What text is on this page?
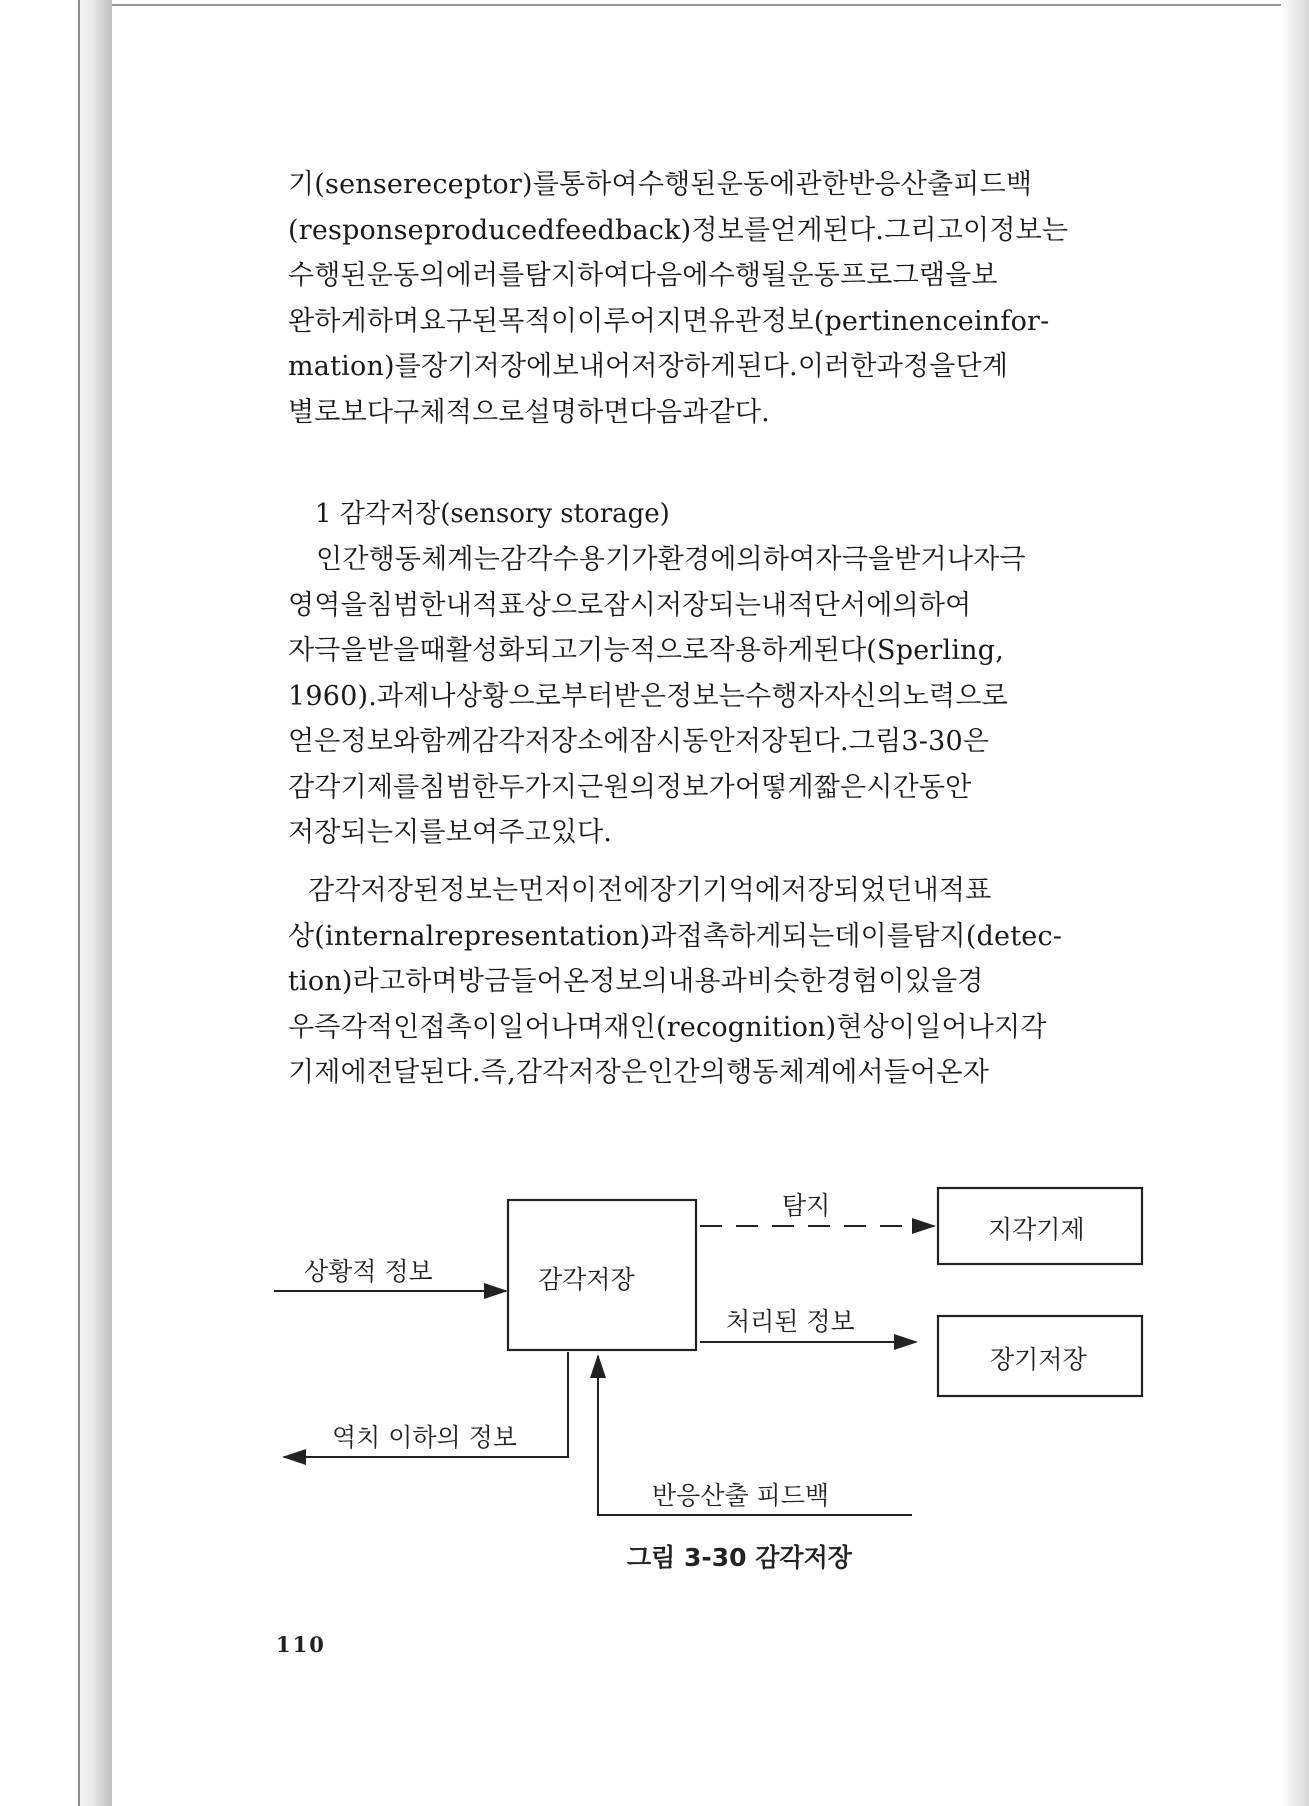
기(sensereceptor)를통하여수행된운동에관한반응산출피드백
(responseproducedfeedback)정보를얻게된다.그리고이정보는
수행된운동의에러를탐지하여다음에수행될운동프로그램을보
완하게하며요구된목적이이루어지면유관정보(pertinenceinfor-
mation)를장기저장에보내어저장하게된다.이러한과정을단계
별로보다구체적으로설명하면다음과같다.
1 감각저장(sensory storage)
인간행동체계는감각수용기가환경에의하여자극을받거나자극
영역을침범한내적표상으로잠시저장되는내적단서에의하여
자극을받을때활성화되고기능적으로작용하게된다(Sperling,
1960).과제나상황으로부터받은정보는수행자자신의노력으로
얻은정보와함께감각저장소에잠시동안저장된다.그림3-30은
감각기제를침범한두가지근원의정보가어떻게짧은시간동안
저장되는지를보여주고있다.
감각저장된정보는먼저이전에장기기억에저장되었던내적표
상(internalrepresentation)과접촉하게되는데이를탐지(detec-
tion)라고하며방금들어온정보의내용과비슷한경험이있을경
우즉각적인접촉이일어나며재인(recognition)현상이일어나지각
기제에전달된다.즉,감각저장은인간의행동체계에서들어온자
감각저장
상황적 정보
탐지
처리된 정보
지각기제
장기저장
역치 이하의 정보
반응산출 피드백
그림 3-30 감각저장
110
